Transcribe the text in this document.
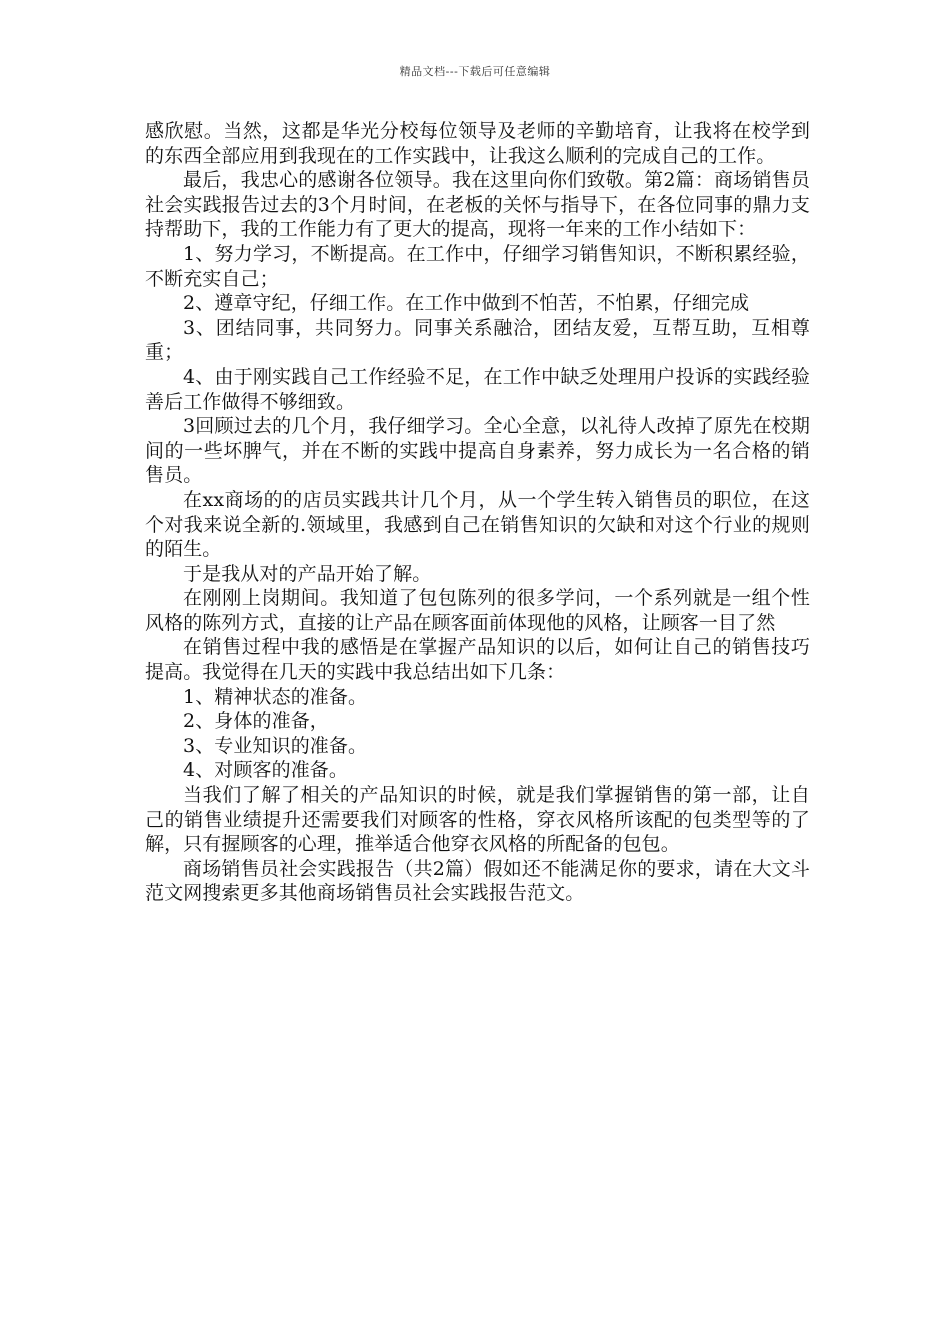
精品文档---下载后可任意编辑

感欣慰。当然，这都是华光分校每位领导及老师的辛勤培育，让我将在校学到的东西全部应用到我现在的工作实践中，让我这么顺利的完成自己的工作。

最后，我忠心的感谢各位领导。我在这里向你们致敬。第2篇：商场销售员社会实践报告过去的3个月时间，在老板的关怀与指导下，在各位同事的鼎力支持帮助下，我的工作能力有了更大的提高，现将一年来的工作小结如下：

1、努力学习，不断提高。在工作中，仔细学习销售知识，不断积累经验，不断充实自己；

2、遵章守纪，仔细工作。在工作中做到不怕苦，不怕累，仔细完成

3、团结同事，共同努力。同事关系融洽，团结友爱，互帮互助，互相尊重；

4、由于刚实践自己工作经验不足，在工作中缺乏处理用户投诉的实践经验善后工作做得不够细致。

3回顾过去的几个月，我仔细学习。全心全意，以礼待人改掉了原先在校期间的一些坏脾气，并在不断的实践中提高自身素养，努力成长为一名合格的销售员。

在xx商场的的店员实践共计几个月，从一个学生转入销售员的职位，在这个对我来说全新的.领域里，我感到自己在销售知识的欠缺和对这个行业的规则的陌生。

于是我从对的产品开始了解。

在刚刚上岗期间。我知道了包包陈列的很多学问，一个系列就是一组个性风格的陈列方式，直接的让产品在顾客面前体现他的风格，让顾客一目了然

在销售过程中我的感悟是在掌握产品知识的以后，如何让自己的销售技巧提高。我觉得在几天的实践中我总结出如下几条：

1、精神状态的准备。

2、身体的准备，

3、专业知识的准备。

4、对顾客的准备。

当我们了解了相关的产品知识的时候，就是我们掌握销售的第一部，让自己的销售业绩提升还需要我们对顾客的性格，穿衣风格所该配的包类型等的了解，只有握顾客的心理，推举适合他穿衣风格的所配备的包包。

商场销售员社会实践报告（共2篇）假如还不能满足你的要求，请在大文斗范文网搜索更多其他商场销售员社会实践报告范文。
